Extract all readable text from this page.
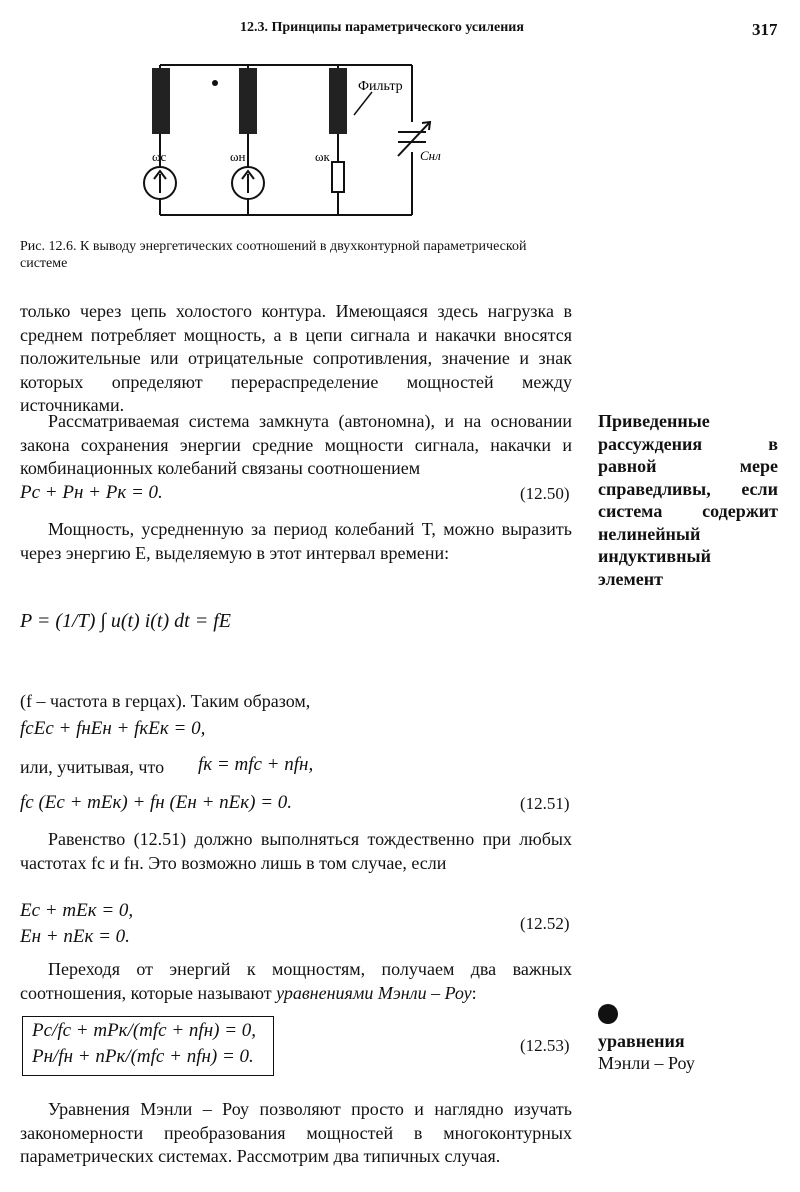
12.3. Принципы параметрического усиления	317
Фильтр
ωс	ωн	ωк	Cнл
Рис. 12.6. К выводу энергетических соотношений в двухконтурной параметрической системе
только через цепь холостого контура. Имеющаяся здесь нагрузка в среднем потребляет мощность, а в цепи сигнала и накачки вносятся положительные или отрицательные сопротивления, значение и знак которых определяют перераспределение мощностей между источниками.
Рассматриваемая система замкнута (автономна), и на основании закона сохранения энергии средние мощности сигнала, накачки и комбинационных колебаний связаны соотношением
Pс + Pн + Pк = 0.	(12.50)
Мощность, усредненную за период колебаний T, можно выразить через энергию E, выделяемую в этот интервал времени:
P = (1/T) ∫ u(t) i(t) dt = fE
(f – частота в герцах). Таким образом,
fсEс + fнEн + fкEк = 0,
или, учитывая, что fк = mfс + nfн,
fс (Eс + mEк) + fн (Eн + nEк) = 0.	(12.51)
Равенство (12.51) должно выполняться тождественно при любых частотах fс и fн. Это возможно лишь в том случае, если
Eс + mEк = 0,
Eн + nEк = 0.
(12.52)
Переходя от энергий к мощностям, получаем два важных соотношения, которые называют уравнениями Мэнли – Роу:
Pс/fс + mPк/(mfс + nfн) = 0,
Pн/fн + nPк/(mfс + nfн) = 0.
(12.53)
Уравнения Мэнли – Роу позволяют просто и наглядно изучать закономерности преобразования мощностей в многоконтурных параметрических системах. Рассмотрим два типичных случая.
Приведенные рассуждения в равной мере справедливы, если система содержит нелинейный индуктивный элемент
уравнения
Мэнли – Роу
